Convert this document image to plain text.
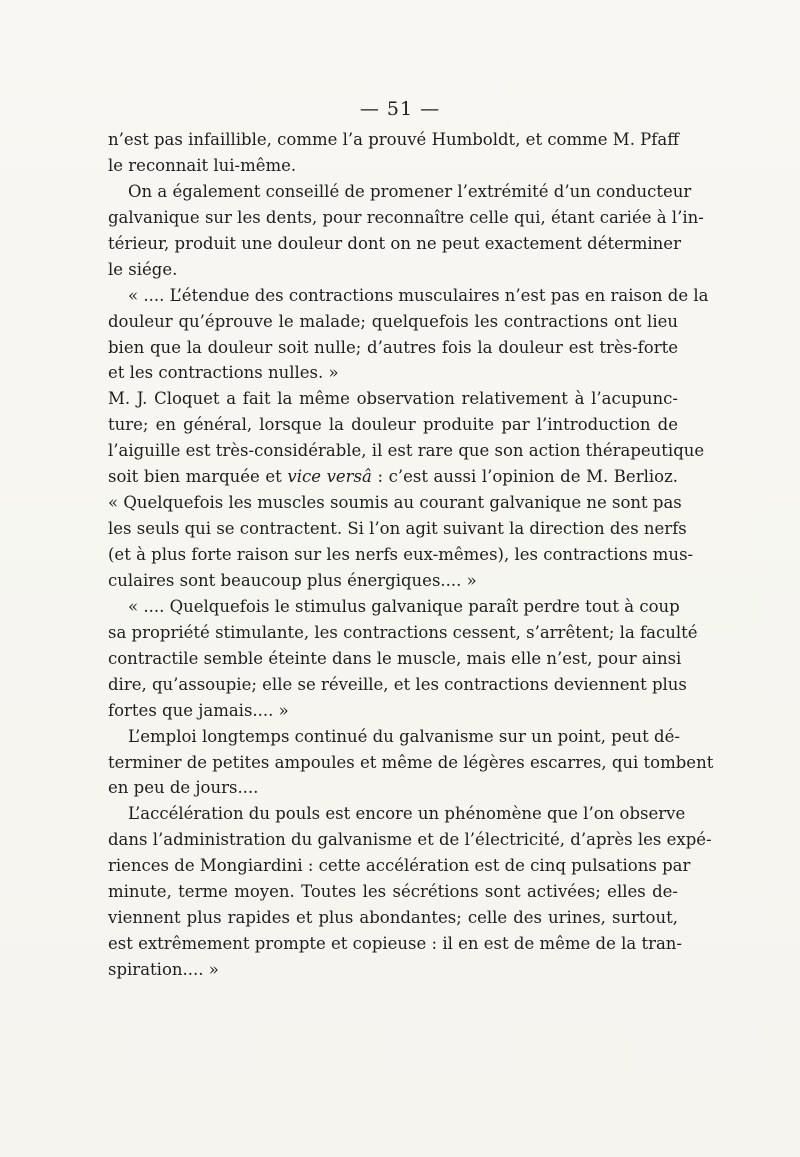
— 51 —
n’est pas infaillible, comme l’a prouvé Humboldt, et comme M. Pfaff
le reconnait lui-même.
On a également conseillé de promener l’extrémité d’un conducteur
galvanique sur les dents, pour reconnaître celle qui, étant cariée à l’in-
térieur, produit une douleur dont on ne peut exactement déterminer
le siége.
« .... L’étendue des contractions musculaires n’est pas en raison de la
douleur qu’éprouve le malade; quelquefois les contractions ont lieu
bien que la douleur soit nulle; d’autres fois la douleur est très-forte
et les contractions nulles. »
M. J. Cloquet a fait la même observation relativement à l’acupunc-
ture; en général, lorsque la douleur produite par l’introduction de
l’aiguille est très-considérable, il est rare que son action thérapeutique
soit bien marquée et vice versâ : c’est aussi l’opinion de M. Berlioz.
« Quelquefois les muscles soumis au courant galvanique ne sont pas
les seuls qui se contractent. Si l’on agit suivant la direction des nerfs
(et à plus forte raison sur les nerfs eux-mêmes), les contractions mus-
culaires sont beaucoup plus énergiques.... »
« .... Quelquefois le stimulus galvanique paraît perdre tout à coup
sa propriété stimulante, les contractions cessent, s’arrêtent; la faculté
contractile semble éteinte dans le muscle, mais elle n’est, pour ainsi
dire, qu’assoupie; elle se réveille, et les contractions deviennent plus
fortes que jamais.... »
L’emploi longtemps continué du galvanisme sur un point, peut dé-
terminer de petites ampoules et même de légères escarres, qui tombent
en peu de jours....
L’accélération du pouls est encore un phénomène que l’on observe
dans l’administration du galvanisme et de l’électricité, d’après les expé-
riences de Mongiardini : cette accélération est de cinq pulsations par
minute, terme moyen. Toutes les sécrétions sont activées; elles de-
viennent plus rapides et plus abondantes; celle des urines, surtout,
est extrêmement prompte et copieuse : il en est de même de la tran-
spiration.... »
